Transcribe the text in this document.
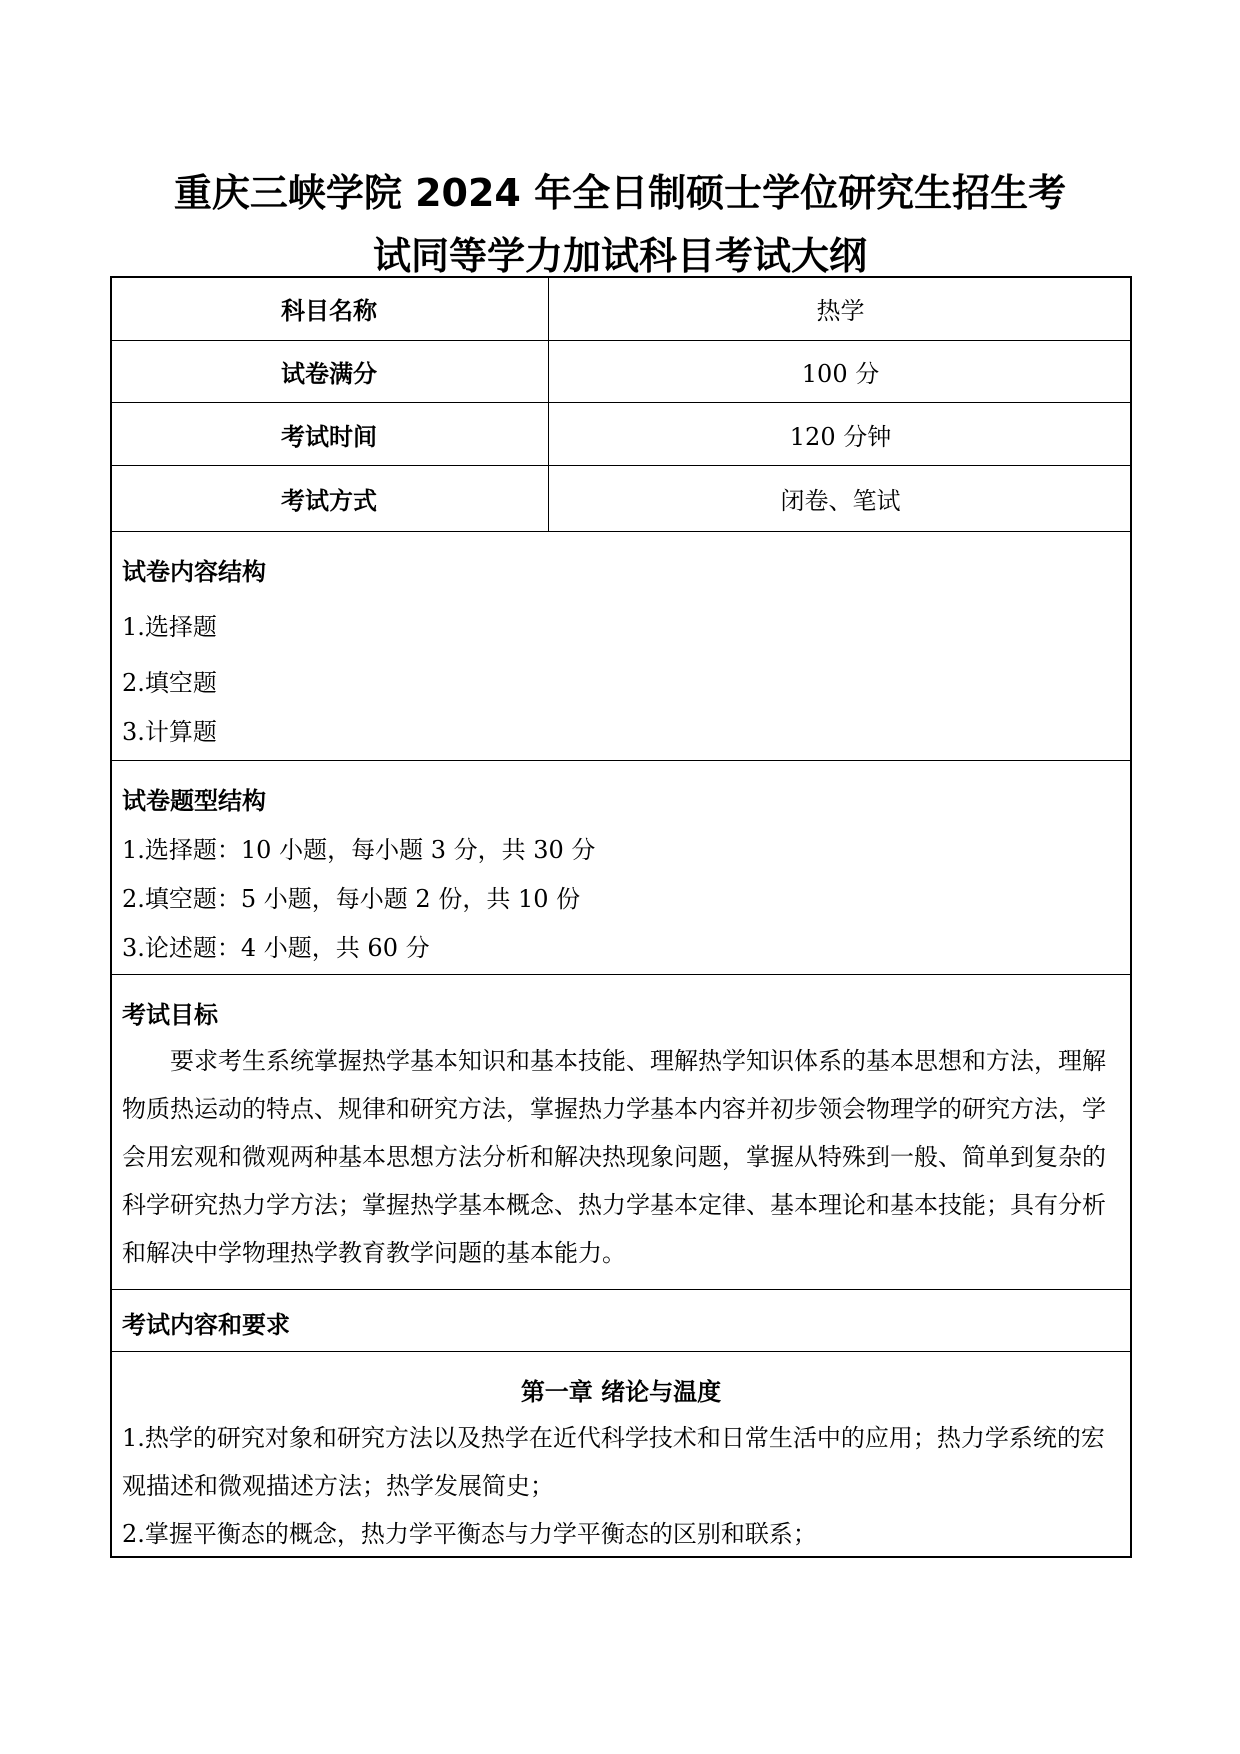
重庆三峡学院 2024 年全日制硕士学位研究生招生考
试同等学力加试科目考试大纲
科目名称	热学
试卷满分	100 分
考试时间	120 分钟
考试方式	闭卷、笔试
试卷内容结构
1.选择题
2.填空题
3.计算题
试卷题型结构
1.选择题：10 小题，每小题 3 分，共 30 分
2.填空题：5 小题，每小题 2 份，共 10 份
3.论述题：4 小题，共 60 分
考试目标
要求考生系统掌握热学基本知识和基本技能、理解热学知识体系的基本思想和方法，理解物质热运动的特点、规律和研究方法，掌握热力学基本内容并初步领会物理学的研究方法，学会用宏观和微观两种基本思想方法分析和解决热现象问题，掌握从特殊到一般、简单到复杂的科学研究热力学方法；掌握热学基本概念、热力学基本定律、基本理论和基本技能；具有分析和解决中学物理热学教育教学问题的基本能力。
考试内容和要求
第一章 绪论与温度
1.热学的研究对象和研究方法以及热学在近代科学技术和日常生活中的应用；热力学系统的宏观描述和微观描述方法；热学发展简史；
2.掌握平衡态的概念，热力学平衡态与力学平衡态的区别和联系；
